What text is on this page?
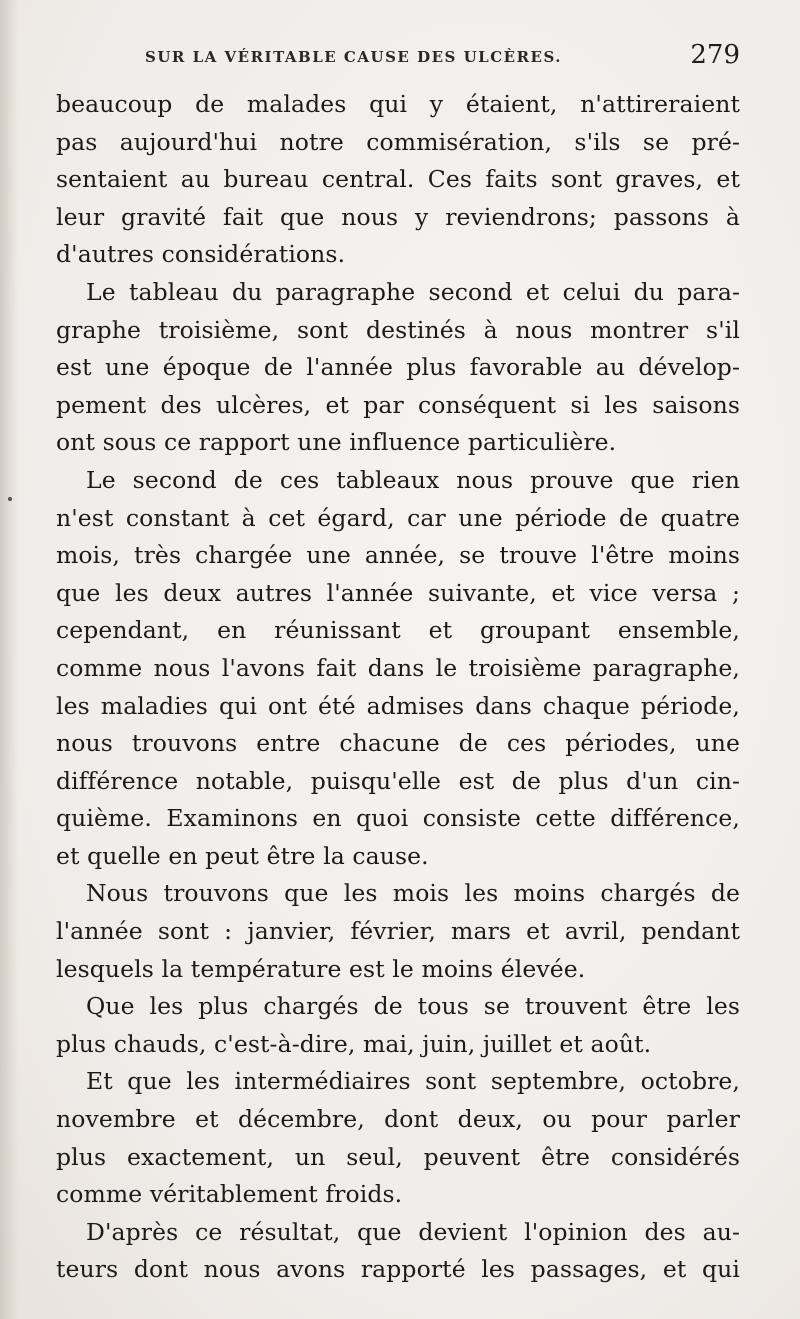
SUR LA VÉRITABLE CAUSE DES ULCÈRES.	279
beaucoup de malades qui y étaient, n'attireraient
pas aujourd'hui notre commisération, s'ils se pré-
sentaient au bureau central. Ces faits sont graves, et
leur gravité fait que nous y reviendrons; passons à
d'autres considérations.
Le tableau du paragraphe second et celui du para-
graphe troisième, sont destinés à nous montrer s'il
est une époque de l'année plus favorable au dévelop-
pement des ulcères, et par conséquent si les saisons
ont sous ce rapport une influence particulière.
Le second de ces tableaux nous prouve que rien
n'est constant à cet égard, car une période de quatre
mois, très chargée une année, se trouve l'être moins
que les deux autres l'année suivante, et vice versa ;
cependant, en réunissant et groupant ensemble,
comme nous l'avons fait dans le troisième paragraphe,
les maladies qui ont été admises dans chaque période,
nous trouvons entre chacune de ces périodes, une
différence notable, puisqu'elle est de plus d'un cin-
quième. Examinons en quoi consiste cette différence,
et quelle en peut être la cause.
Nous trouvons que les mois les moins chargés de
l'année sont : janvier, février, mars et avril, pendant
lesquels la température est le moins élevée.
Que les plus chargés de tous se trouvent être les
plus chauds, c'est-à-dire, mai, juin, juillet et août.
Et que les intermédiaires sont septembre, octobre,
novembre et décembre, dont deux, ou pour parler
plus exactement, un seul, peuvent être considérés
comme véritablement froids.
D'après ce résultat, que devient l'opinion des au-
teurs dont nous avons rapporté les passages, et qui
